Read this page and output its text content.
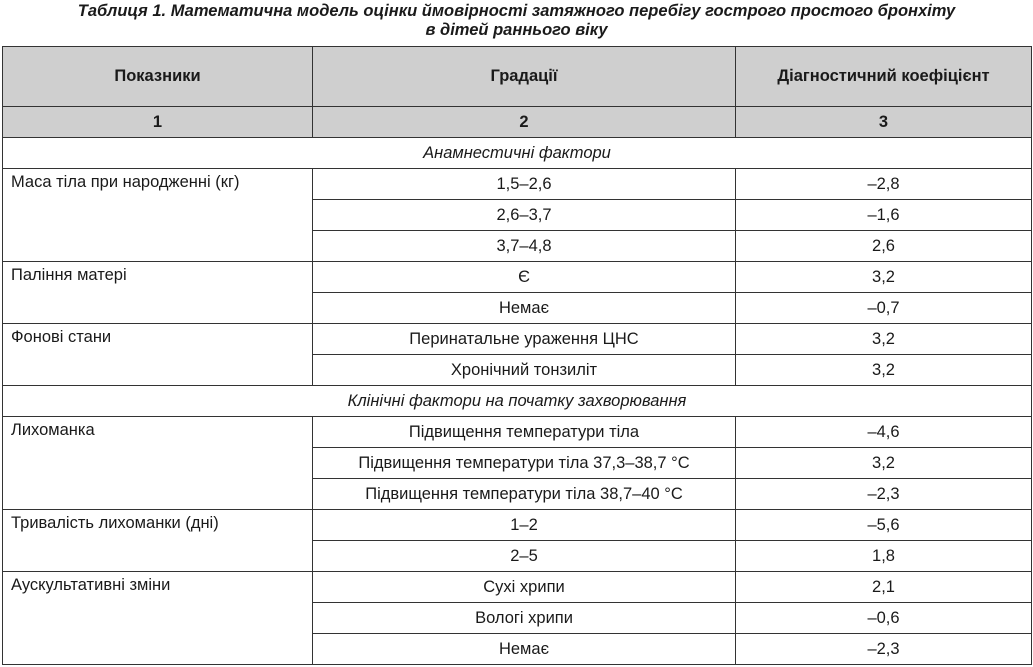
Таблиця 1. Математична модель оцінки ймовірності затяжного перебігу гострого простого бронхіту
в дітей раннього віку
Показники	Градації	Діагностичний коефіцієнт
1	2	3
Анамнестичні фактори		
Маса тіла при народженні (кг)	1,5–2,6	–2,8
	2,6–3,7	–1,6
	3,7–4,8	2,6
Паління матері	Є	3,2
	Немає	–0,7
Фонові стани	Перинатальне ураження ЦНС	3,2
	Хронічний тонзиліт	3,2
Клінічні фактори на початку захворювання		
Лихоманка	Підвищення температури тіла	–4,6
	Підвищення температури тіла 37,3–38,7 °С	3,2
	Підвищення температури тіла 38,7–40 °С	–2,3
Тривалість лихоманки (дні)	1–2	–5,6
	2–5	1,8
Аускультативні зміни	Сухі хрипи	2,1
	Вологі хрипи	–0,6
	Немає	–2,3
